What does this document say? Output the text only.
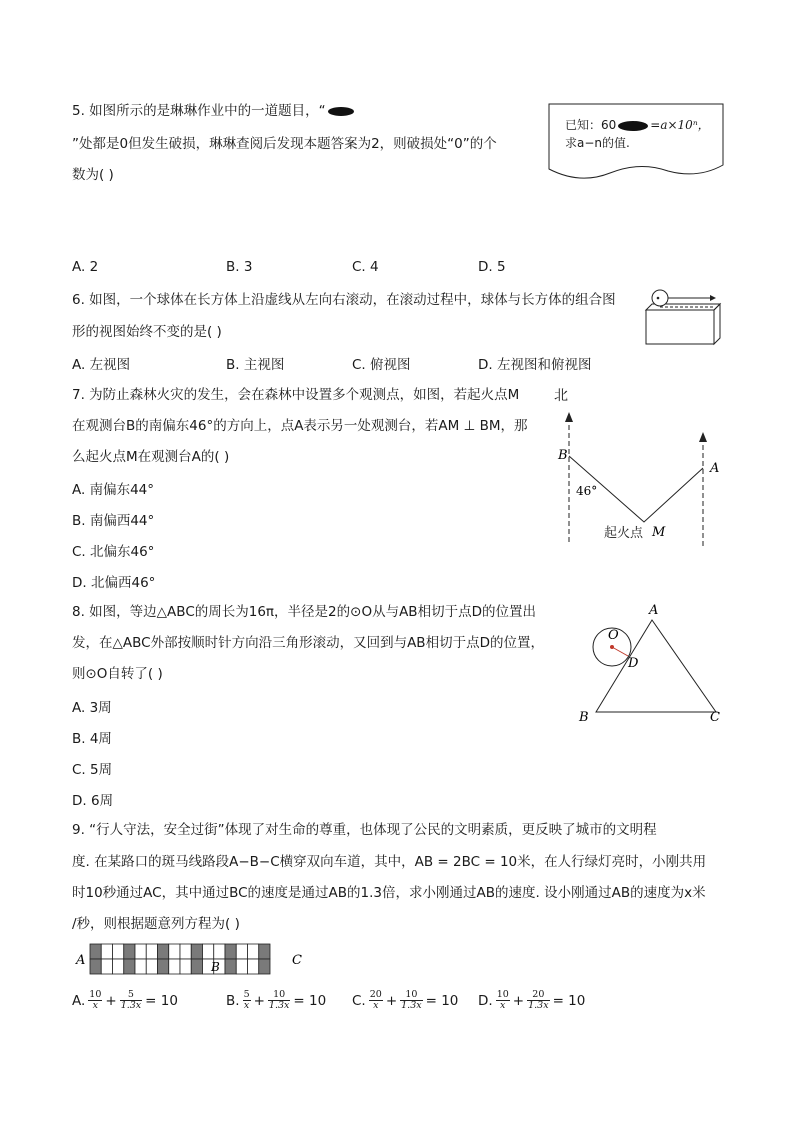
5. 如图所示的是琳琳作业中的一道题目，“
”处都是0但发生破损，琳琳查阅后发现本题答案为2，则破损处“0”的个
数为( )
已知：60	=a×10ⁿ，
求a−n的值.
A. 2	B. 3	C. 4	D. 5
6. 如图，一个球体在长方体上沿虚线从左向右滚动，在滚动过程中，球体与长方体的组合图
形的视图始终不变的是( )
A. 左视图	B. 主视图	C. 俯视图	D. 左视图和俯视图
7. 为防止森林火灾的发生，会在森林中设置多个观测点，如图，若起火点M
在观测台B的南偏东46°的方向上，点A表示另一处观测台，若AM ⊥ BM，那
么起火点M在观测台A的( )
A. 南偏东44°
B. 南偏西44°
C. 北偏东46°
D. 北偏西46°
B
A
46°
M
北
起火点
8. 如图，等边△ABC的周长为16π，半径是2的⊙O从与AB相切于点D的位置出
发，在△ABC外部按顺时针方向沿三角形滚动，又回到与AB相切于点D的位置，
则⊙O自转了( )
A. 3周
B. 4周
C. 5周
D. 6周
A
B	C
O
D
9. “行人守法，安全过街”体现了对生命的尊重，也体现了公民的文明素质，更反映了城市的文明程
度. 在某路口的斑马线路段A−B−C横穿双向车道，其中，AB = 2BC = 10米，在人行绿灯亮时，小刚共用
时10秒通过AC，其中通过BC的速度是通过AB的1.3倍，求小刚通过AB的速度. 设小刚通过AB的速度为x米
/秒，则根据题意列方程为( )
A	C
B
A. $\frac{10}{x} + \frac{5}{1.3x} = 10$	B. $\frac{5}{x} + \frac{10}{1.3x} = 10$ C. $\frac{20}{x} + \frac{10}{1.3x} = 10$ D. $\frac{10}{x} + \frac{20}{1.3x} = 10$
